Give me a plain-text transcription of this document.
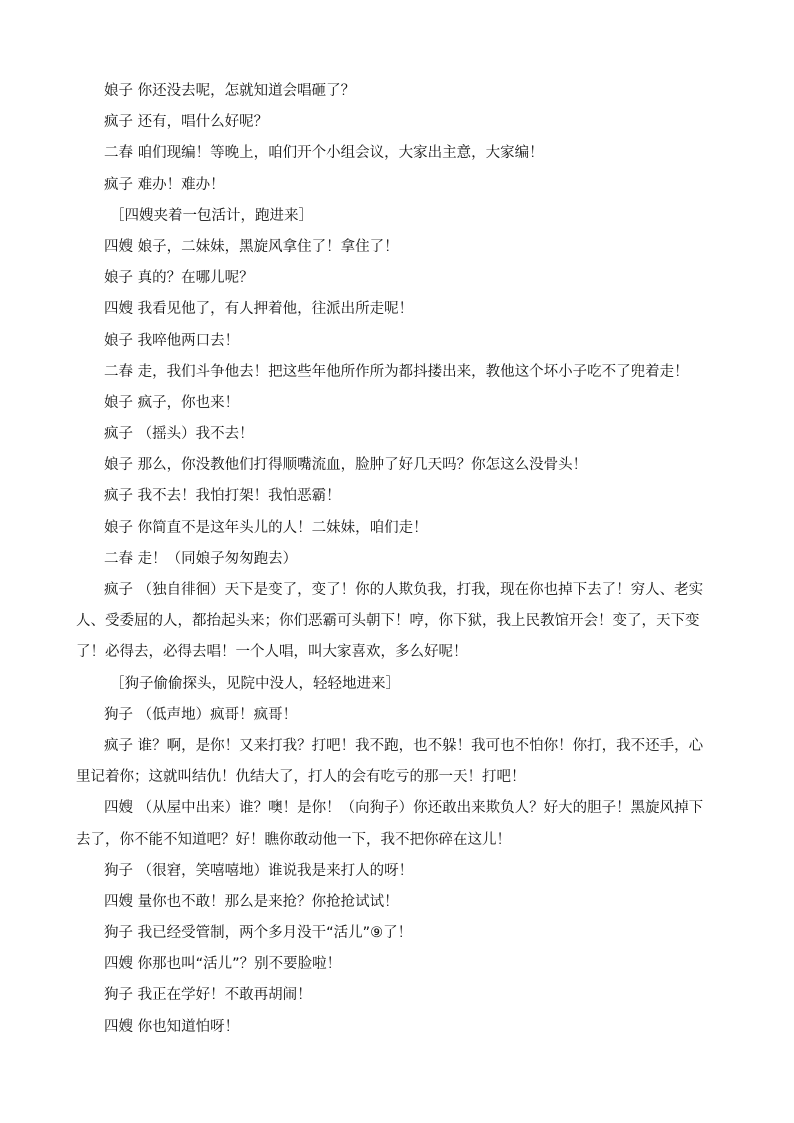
娘子 你还没去呢，怎就知道会唱砸了？
疯子 还有，唱什么好呢？
二春 咱们现编！等晚上，咱们开个小组会议，大家出主意，大家编！
疯子 难办！难办！
［四嫂夹着一包活计，跑进来］
四嫂 娘子，二妹妹，黑旋风拿住了！拿住了！
娘子 真的？在哪儿呢？
四嫂 我看见他了，有人押着他，往派出所走呢！
娘子 我啐他两口去！
二春 走，我们斗争他去！把这些年他所作所为都抖搂出来，教他这个坏小子吃不了兜着走！
娘子 疯子，你也来！
疯子 （摇头）我不去！
娘子 那么，你没教他们打得顺嘴流血，脸肿了好几天吗？你怎这么没骨头！
疯子 我不去！我怕打架！我怕恶霸！
娘子 你简直不是这年头儿的人！二妹妹，咱们走！
二春 走！（同娘子匆匆跑去）
疯子 （独自徘徊）天下是变了，变了！你的人欺负我，打我，现在你也掉下去了！穷人、老实
人、受委屈的人，都抬起头来；你们恶霸可头朝下！哼，你下狱，我上民教馆开会！变了，天下变
了！必得去，必得去唱！一个人唱，叫大家喜欢，多么好呢！
［狗子偷偷探头，见院中没人，轻轻地进来］
狗子 （低声地）疯哥！疯哥！
疯子 谁？啊，是你！又来打我？打吧！我不跑，也不躲！我可也不怕你！你打，我不还手，心
里记着你；这就叫结仇！仇结大了，打人的会有吃亏的那一天！打吧！
四嫂 （从屋中出来）谁？噢！是你！（向狗子）你还敢出来欺负人？好大的胆子！黑旋风掉下
去了，你不能不知道吧？好！瞧你敢动他一下，我不把你碎在这儿！
狗子 （很窘，笑嘻嘻地）谁说我是来打人的呀！
四嫂 量你也不敢！那么是来抢？你抢抢试试！
狗子 我已经受管制，两个多月没干“活儿”⑨了！
四嫂 你那也叫“活儿”？别不要脸啦！
狗子 我正在学好！不敢再胡闹！
四嫂 你也知道怕呀！
